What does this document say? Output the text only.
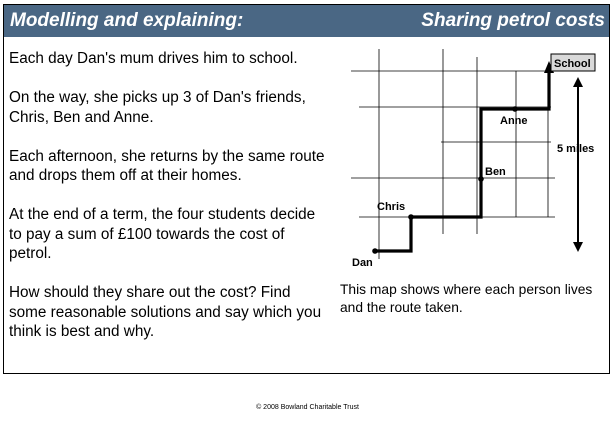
Modelling and explaining:	Sharing petrol costs

Each day Dan's mum drives him to school.

On the way, she picks up 3 of Dan's friends, Chris, Ben and Anne.

Each afternoon, she returns by the same route and drops them off at their homes.

At the end of a term, the four students decide to pay a sum of £100 towards the cost of petrol.

How should they share out the cost? Find some reasonable solutions and say which you think is best and why.

School
Anne
Ben
Chris
Dan
5 miles
This map shows where each person lives and the route taken.
© 2008 Bowland Charitable Trust
